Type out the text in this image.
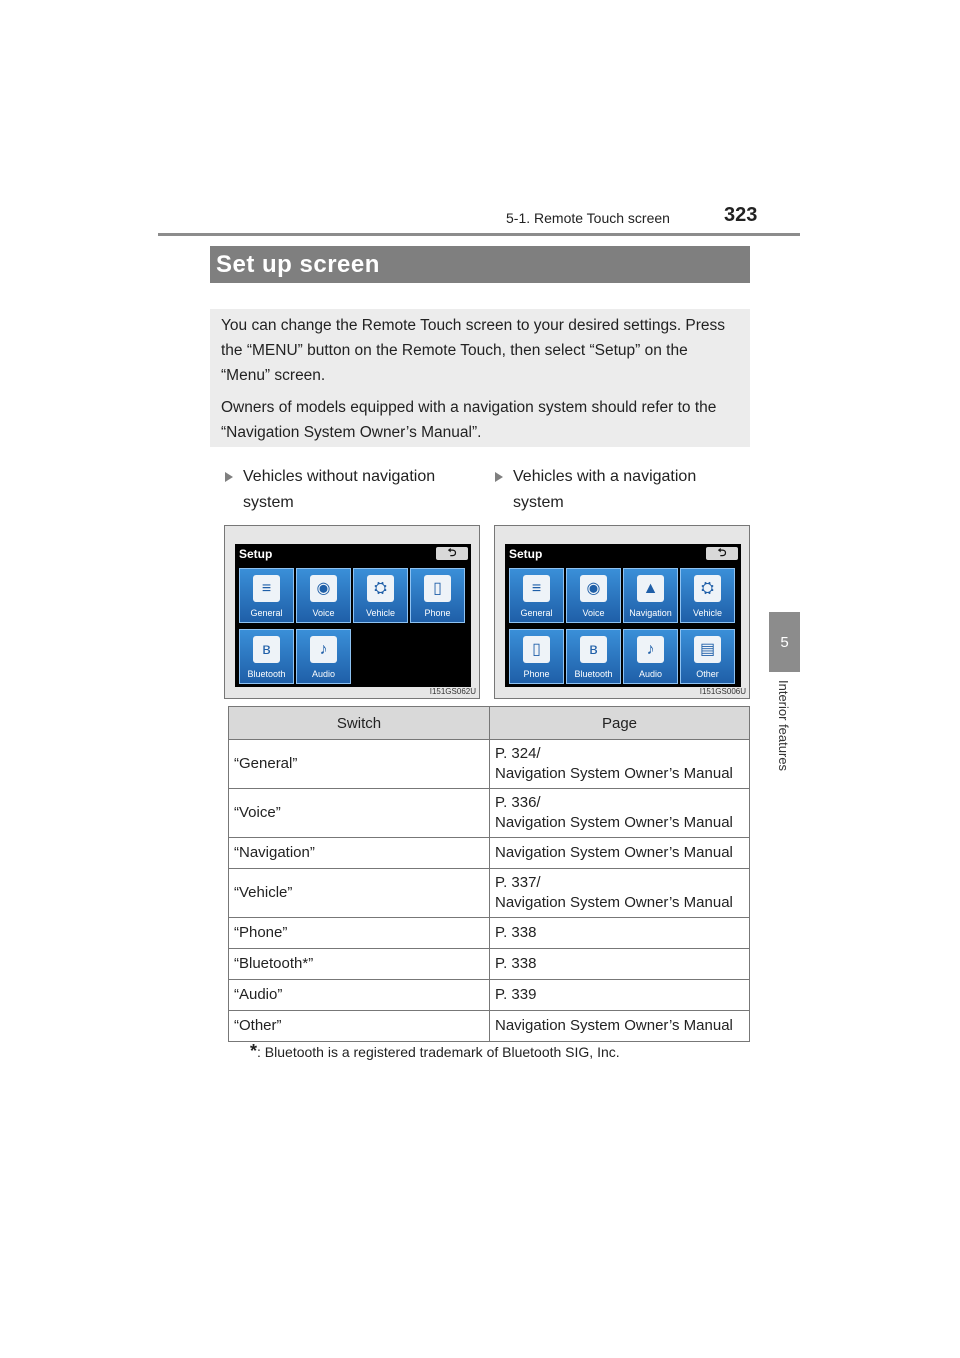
5-1. Remote Touch screen	323
5
Interior features
Set up screen

You can change the Remote Touch screen to your desired settings. Press the “MENU” button on the Remote Touch, then select “Setup” on the “Menu” screen.

Owners of models equipped with a navigation system should refer to the “Navigation System Owner’s Manual”.

Vehicles without navigation system
Vehicles with a navigation system
Setup	⮌
≡
General
◉
Voice
⛭
Vehicle
▯
Phone
ʙ
Bluetooth
♪
Audio
I151GS062U
Setup	⮌
≡
General
◉
Voice
▲
Navigation
⛭
Vehicle
▯
Phone
ʙ
Bluetooth
♪
Audio
▤
Other
I151GS006U
Switch	Page
“General”	P. 324/
Navigation System Owner’s Manual

“Voice”	P. 336/
Navigation System Owner’s Manual

“Navigation”	Navigation System Owner’s Manual
“Vehicle”	P. 337/
Navigation System Owner’s Manual

“Phone”	P. 338
“Bluetooth*”	P. 338
“Audio”	P. 339
“Other”	Navigation System Owner’s Manual
*: Bluetooth is a registered trademark of Bluetooth SIG, Inc.
